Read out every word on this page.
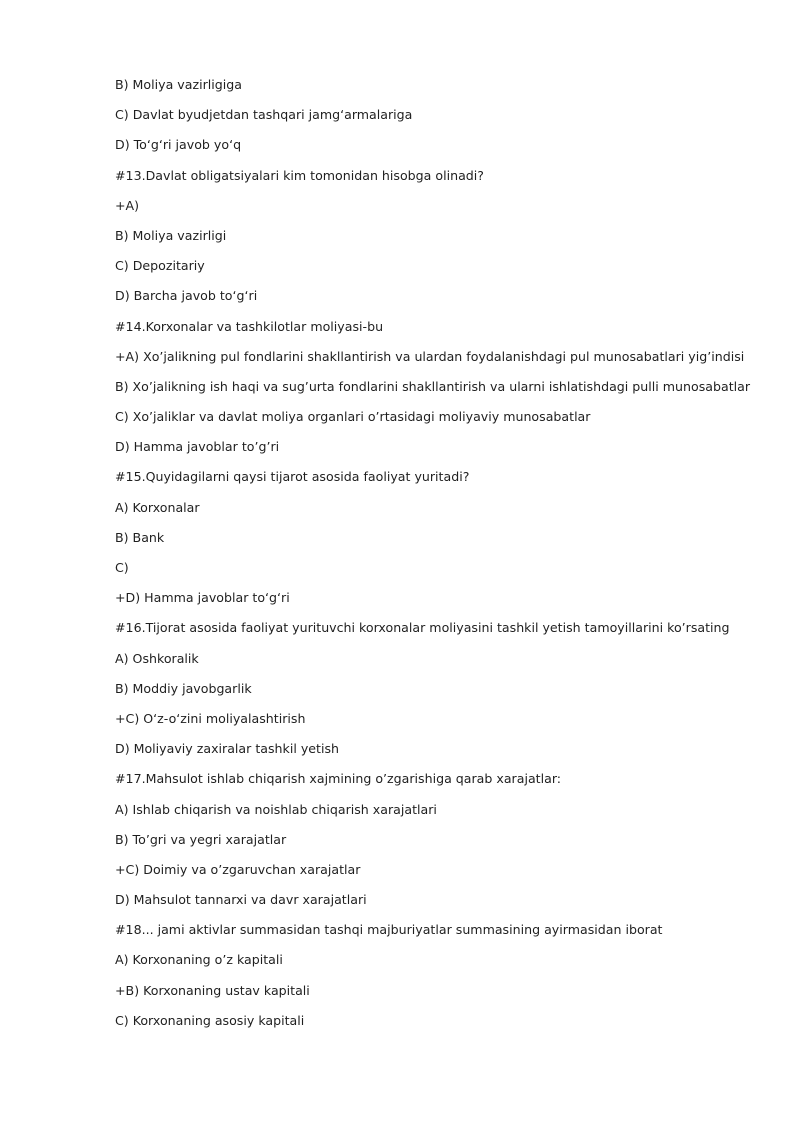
B) Moliya vazirligiga
C) Davlat byudjetdan tashqari jamg‘armalariga
D) To‘g‘ri javob yo‘q
#13.Davlat obligatsiyalari kim tomonidan hisobga olinadi?
+A)
B) Moliya vazirligi
C) Depozitariy
D) Barcha javob to‘g‘ri
#14.Korxonalar va tashkilotlar moliyasi-bu
+A) Xo’jalikning pul fondlarini shakllantirish va ulardan foydalanishdagi pul munosabatlari yig’indisi
B) Xo’jalikning ish haqi va sug’urta fondlarini shakllantirish va ularni ishlatishdagi pulli munosabatlar
C) Xo’jaliklar va davlat moliya organlari o’rtasidagi moliyaviy munosabatlar
D) Hamma javoblar to’g’ri
#15.Quyidagilarni qaysi tijarot asosida faoliyat yuritadi?
A) Korxonalar
B) Bank
C)
+D) Hamma javoblar to‘g‘ri
#16.Tijorat asosida faoliyat yurituvchi korxonalar moliyasini tashkil yetish tamoyillarini ko’rsating
A) Oshkoralik
B) Moddiy javobgarlik
+C) O‘z-o‘zini moliyalashtirish
D) Moliyaviy zaxiralar tashkil yetish
#17.Mahsulot ishlab chiqarish xajmining o’zgarishiga qarab xarajatlar:
A) Ishlab chiqarish va noishlab chiqarish xarajatlari
B) To’gri va yegri xarajatlar
+C) Doimiy va o’zgaruvchan xarajatlar
D) Mahsulot tannarxi va davr xarajatlari
#18... jami aktivlar summasidan tashqi majburiyatlar summasining ayirmasidan iborat
A) Korxonaning o’z kapitali
+B) Korxonaning ustav kapitali
C) Korxonaning asosiy kapitali
